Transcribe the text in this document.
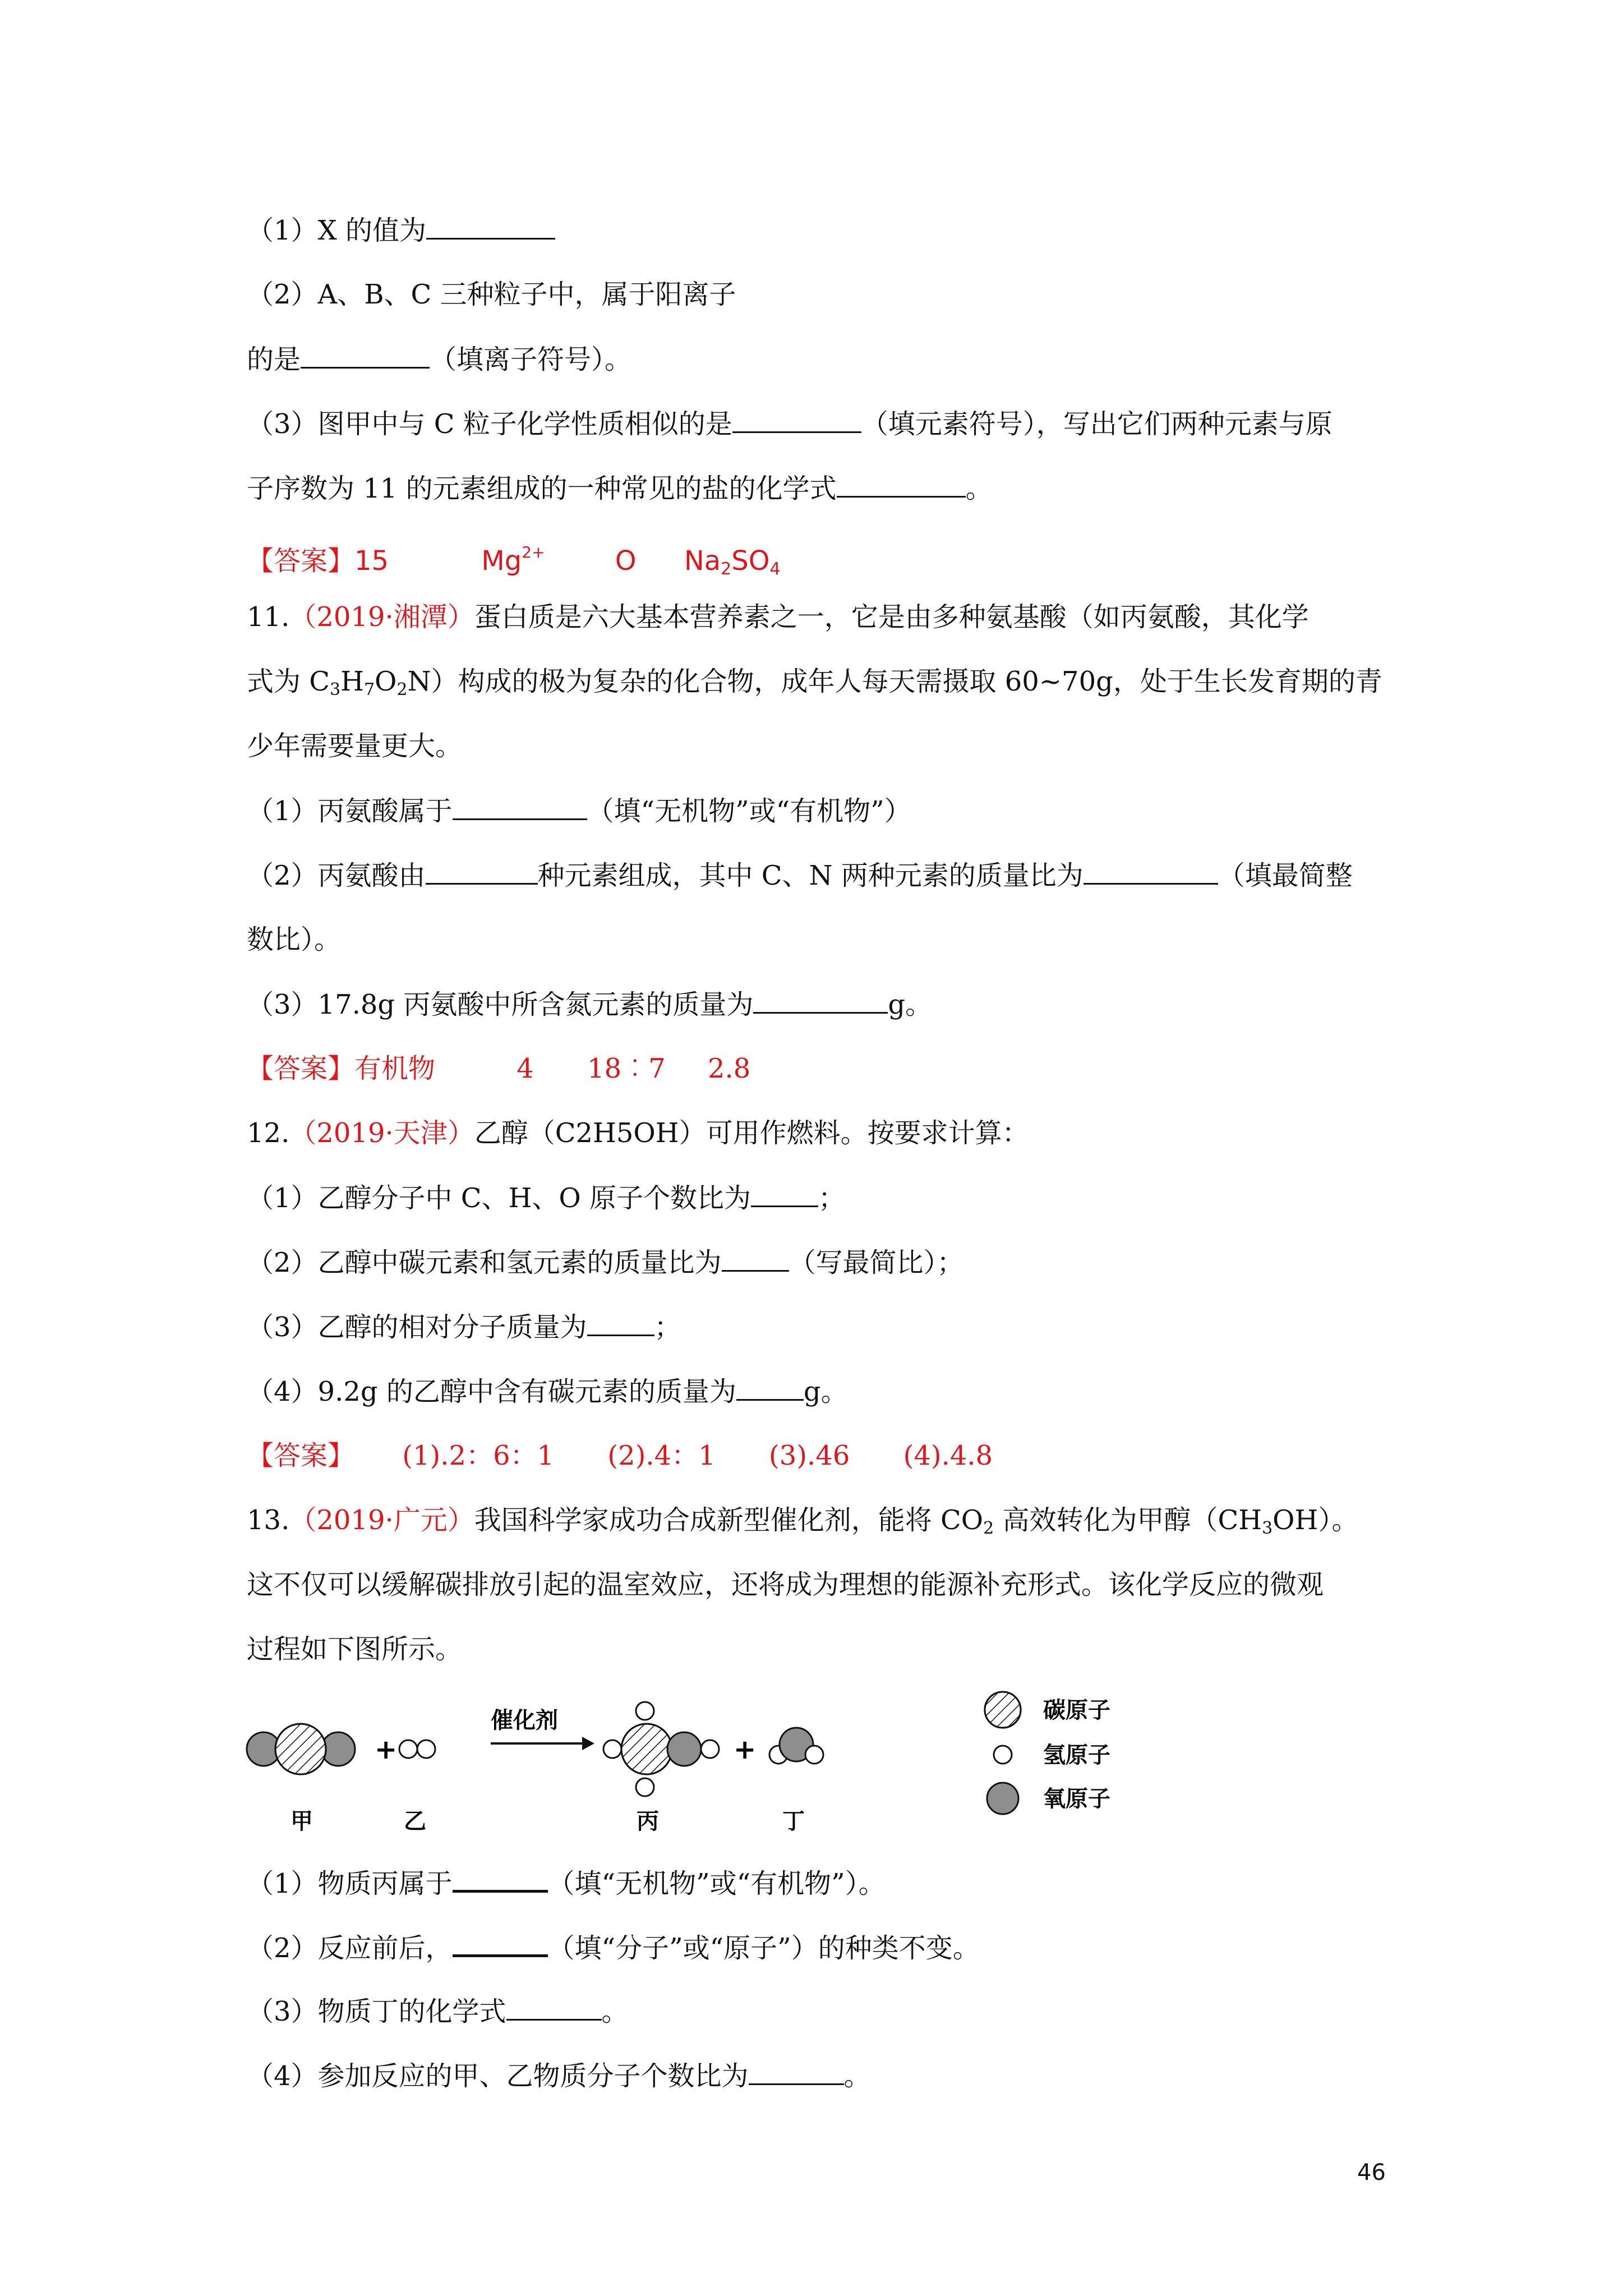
（1）X 的值为
（2）A、B、C 三种粒子中，属于阳离子
的是	（填离子符号）。
（3）图甲中与 C 粒子化学性质相似的是	（填元素符号），写出它们两种元素与原
子序数为 11 的元素组成的一种常见的盐的化学式	。
【答案】15	$Mg^{2+}$	O $Na_2SO_4$
11.（2019·湘潭）蛋白质是六大基本营养素之一，它是由多种氨基酸（如丙氨酸，其化学
式为 $C_3H_7O_2N$）构成的极为复杂的化合物，成年人每天需摄取 60~70g，处于生长发育期的青
少年需要量更大。
（1）丙氨酸属于	（填“无机物”或“有机物”）
（2）丙氨酸由	种元素组成，其中 C、N 两种元素的质量比为	（填最简整
数比）。
（3）17.8g 丙氨酸中所含氮元素的质量为	g。
【答案】有机物	4 18︰7 2.8
12.（2019·天津）乙醇（C2H5OH）可用作燃料。按要求计算：
（1）乙醇分子中 C、H、O 原子个数比为	；
（2）乙醇中碳元素和氢元素的质量比为	（写最简比）；
（3）乙醇的相对分子质量为	；
（4）9.2g 的乙醇中含有碳元素的质量为	g。
【答案】 (1).2：6：1 (2).4：1 (3).46 (4).4.8
13.（2019·广元）我国科学家成功合成新型催化剂，能将 $CO_2$ 高效转化为甲醇$(CH_3OH)$。
这不仅可以缓解碳排放引起的温室效应，还将成为理想的能源补充形式。该化学反应的微观
过程如下图所示。
+
催化剂
+
甲	乙	丙	丁
碳原子
氢原子
氧原子
（1）物质丙属于	（填“无机物”或“有机物”）。
（2）反应前后，	（填“分子”或“原子”）的种类不变。
（3）物质丁的化学式	。
（4）参加反应的甲、乙物质分子个数比为	。
46
